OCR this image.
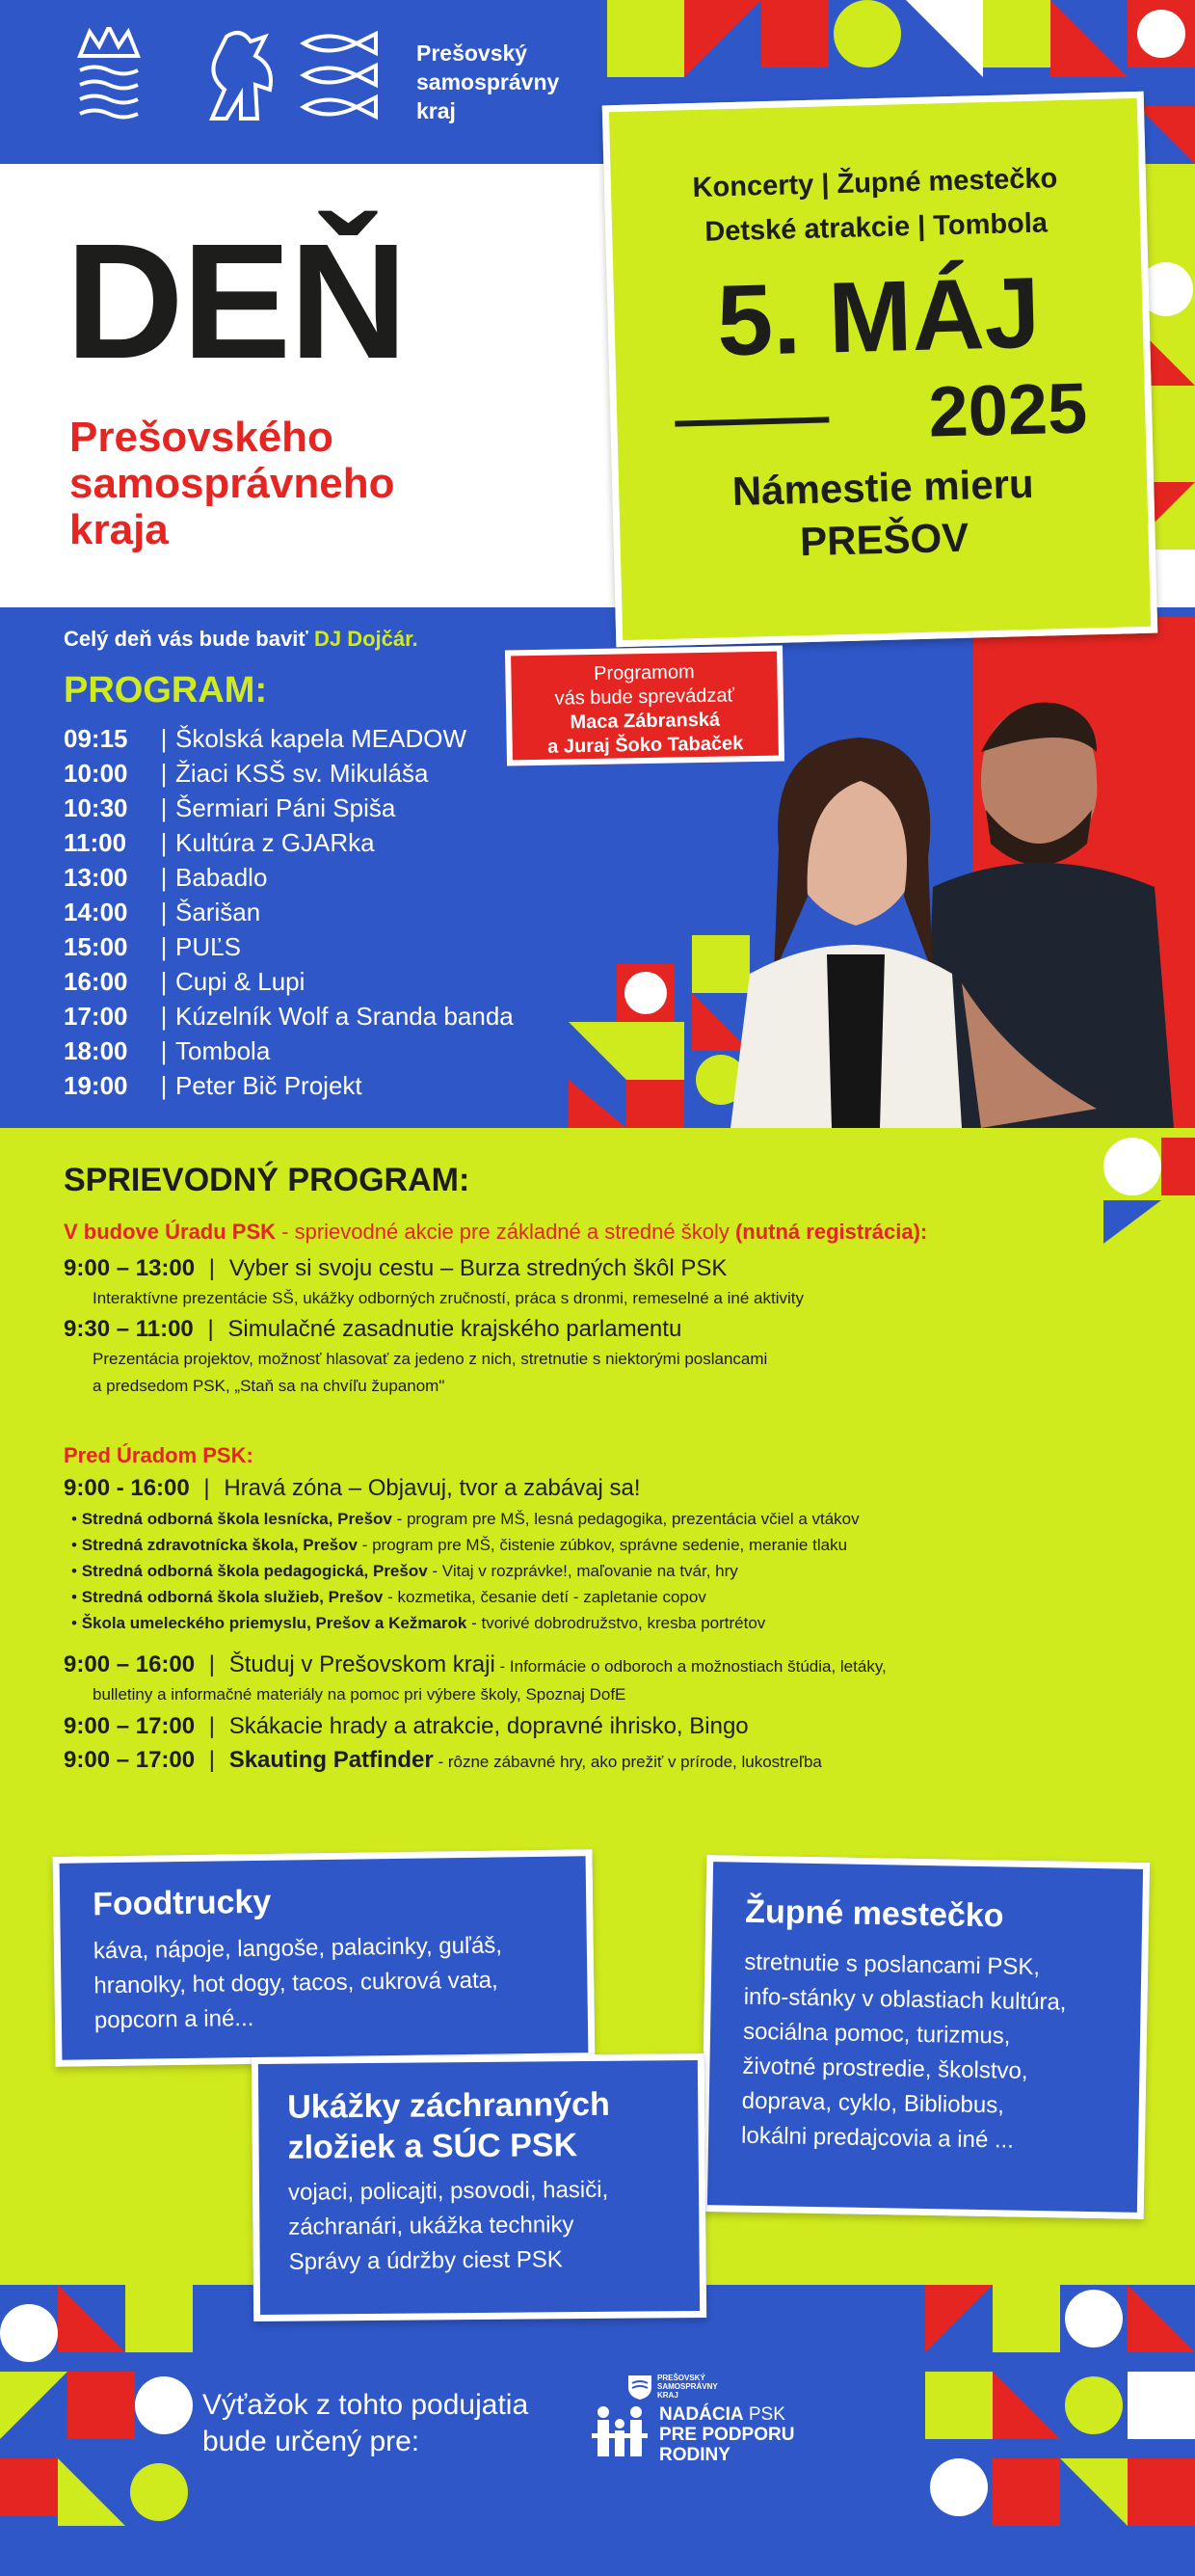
Prešovský
samosprávny
kraj
DEŇ
Prešovského
samosprávneho
kraja
Koncerty | Župné mestečko
Detské atrakcie | Tombola
5. MÁJ
2025
Námestie mieru
PREŠOV
Celý deň vás bude baviť DJ Dojčár.
PROGRAM:
09:15 | Školská kapela MEADOW
10:00 | Žiaci KSŠ sv. Mikuláša
10:30 | Šermiari Páni Spiša
11:00 | Kultúra z GJARka
13:00 | Babadlo
14:00 | Šarišan
15:00 | PUĽS
16:00 | Cupi & Lupi
17:00 | Kúzelník Wolf a Sranda banda
18:00 | Tombola
19:00 | Peter Bič Projekt
Programom
vás bude sprevádzať
Maca Zábranská
a Juraj Šoko Tabaček
SPRIEVODNÝ PROGRAM:
V budove Úradu PSK - sprievodné akcie pre základné a stredné školy (nutná registrácia):
9:00 – 13:00 | Vyber si svoju cestu – Burza stredných škôl PSK
Interaktívne prezentácie SŠ, ukážky odborných zručností, práca s dronmi, remeselné a iné aktivity
9:30 – 11:00 | Simulačné zasadnutie krajského parlamentu
Prezentácia projektov, možnosť hlasovať za jedeno z nich, stretnutie s niektorými poslancami
a predsedom PSK, „Staň sa na chvíľu županom"
Pred Úradom PSK:
9:00 - 16:00 | Hravá zóna – Objavuj, tvor a zabávaj sa!
• Stredná odborná škola lesnícka, Prešov - program pre MŠ, lesná pedagogika, prezentácia včiel a vtákov
• Stredná zdravotnícka škola, Prešov - program pre MŠ, čistenie zúbkov, správne sedenie, meranie tlaku
• Stredná odborná škola pedagogická, Prešov - Vitaj v rozprávke!, maľovanie na tvár, hry
• Stredná odborná škola služieb, Prešov - kozmetika, česanie detí - zapletanie copov
• Škola umeleckého priemyslu, Prešov a Kežmarok - tvorivé dobrodružstvo, kresba portrétov
9:00 – 16:00 | Študuj v Prešovskom kraji - Informácie o odboroch a možnostiach štúdia, letáky,
bulletiny a informačné materiály na pomoc pri výbere školy, Spoznaj DofE
9:00 – 17:00 | Skákacie hrady a atrakcie, dopravné ihrisko, Bingo
9:00 – 17:00 | Skauting Patfinder - rôzne zábavné hry, ako prežiť v prírode, lukostreľba
Foodtrucky

káva, nápoje, langoše, palacinky, guľáš,

hranolky, hot dogy, tacos, cukrová vata,

popcorn a iné...

Župné mestečko

stretnutie s poslancami PSK,

info-stánky v oblastiach kultúra,

sociálna pomoc, turizmus,

životné prostredie, školstvo,

doprava, cyklo, Bibliobus,

lokálni predajcovia a iné ...

Ukážky záchranných
zložiek a SÚC PSK

vojaci, policajti, psovodi, hasiči,

záchranári, ukážka techniky

Správy a údržby ciest PSK

Výťažok z tohto podujatia
bude určený pre:
PREŠOVSKÝ
SAMOSPRÁVNY
KRAJ
NADÁCIA PSK
PRE PODPORU
RODINY
